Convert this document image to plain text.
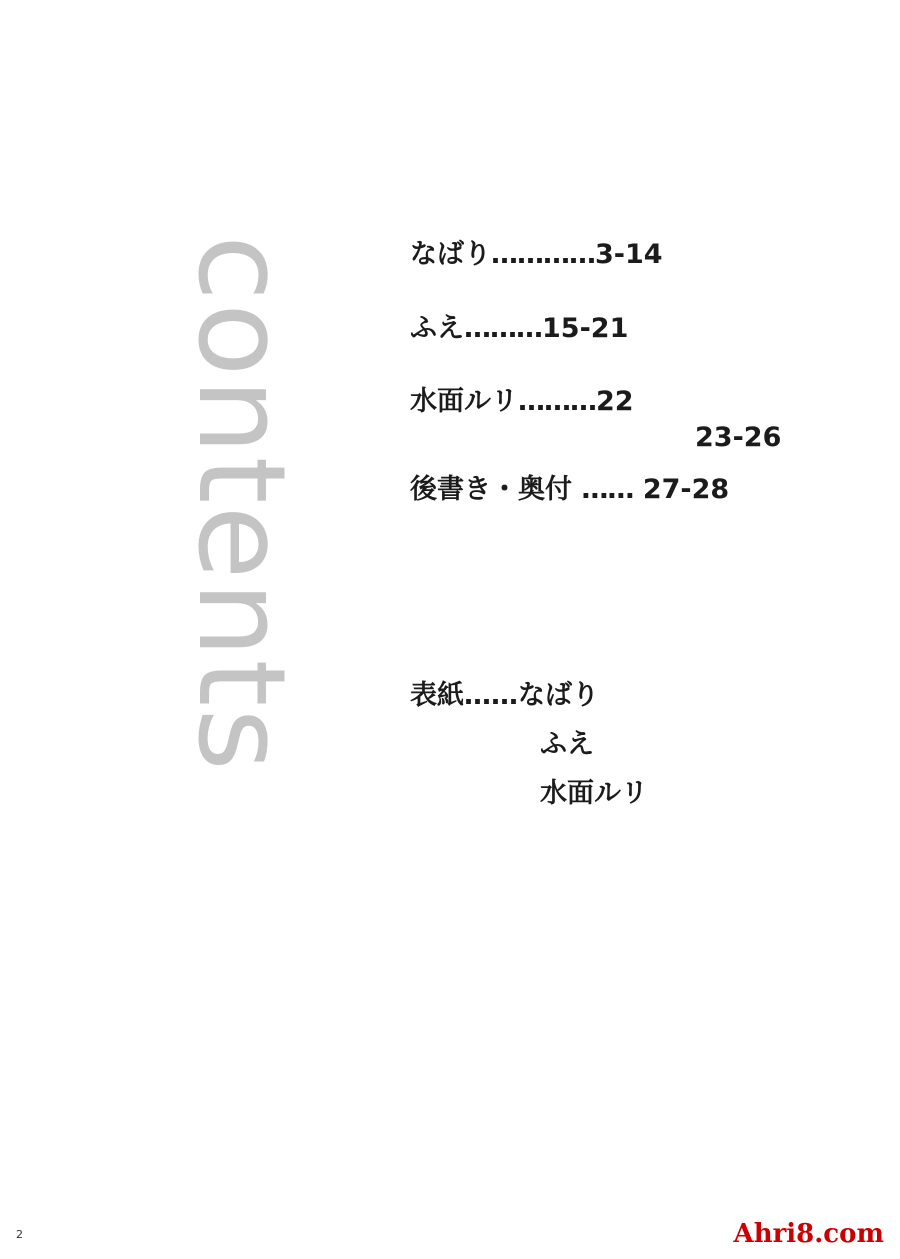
contents	なばり…………3-14
ふえ………15-21
水面ルリ………22
23-26
後書き・奥付 …… 27-28
表紙……なばり
ふえ
水面ルリ
2	Ahri8.com
